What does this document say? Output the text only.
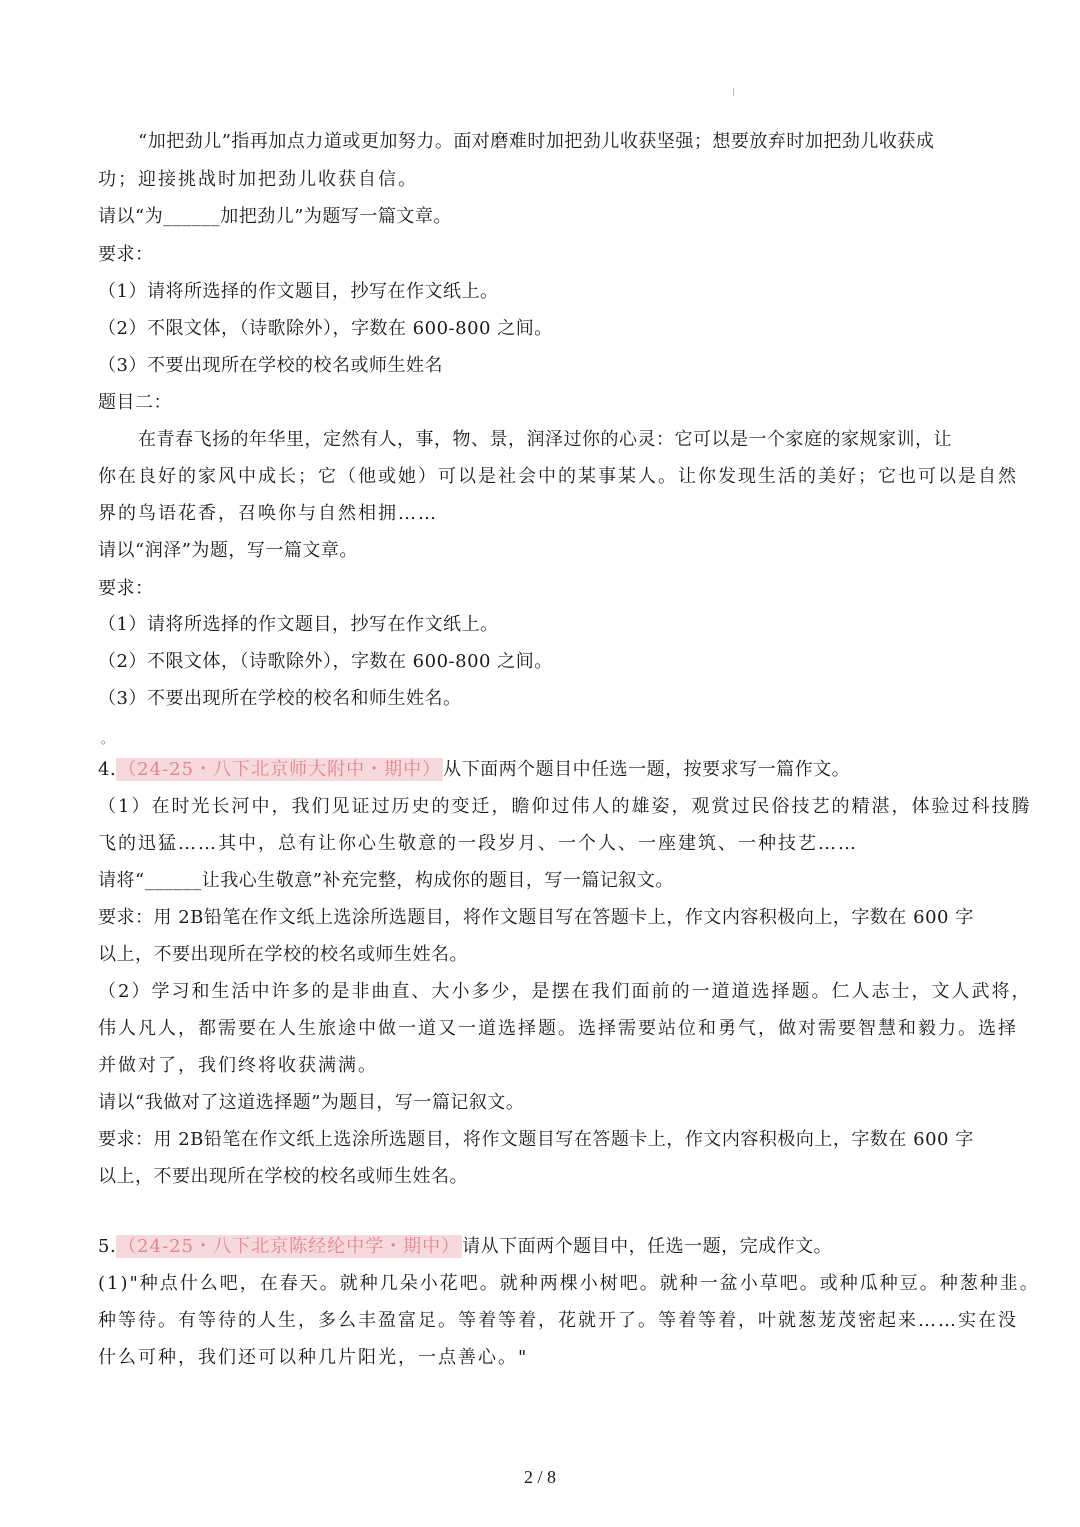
“加把劲儿”指再加点力道或更加努力。面对磨难时加把劲儿收获坚强；想要放弃时加把劲儿收获成
功；迎接挑战时加把劲儿收获自信。
请以“为______加把劲儿”为题写一篇文章。
要求：
（1）请将所选择的作文题目，抄写在作文纸上。
（2）不限文体，（诗歌除外），字数在 600-800 之间。
（3）不要出现所在学校的校名或师生姓名
题目二：
在青春飞扬的年华里，定然有人，事，物、景，润泽过你的心灵：它可以是一个家庭的家规家训，让
你在良好的家风中成长；它（他或她）可以是社会中的某事某人。让你发现生活的美好；它也可以是自然
界的鸟语花香，召唤你与自然相拥……
请以“润泽”为题，写一篇文章。
要求：
（1）请将所选择的作文题目，抄写在作文纸上。
（2）不限文体，（诗歌除外），字数在 600-800 之间。
（3）不要出现所在学校的校名和师生姓名。
。
4. （24-25・八下北京师大附中・期中） 从下面两个题目中任选一题，按要求写一篇作文。
（1）在时光长河中，我们见证过历史的变迁，瞻仰过伟人的雄姿，观赏过民俗技艺的精湛，体验过科技腾
飞的迅猛……其中，总有让你心生敬意的一段岁月、一个人、一座建筑、一种技艺……
请将“______让我心生敬意”补充完整，构成你的题目，写一篇记叙文。
要求：用 2B铅笔在作文纸上选涂所选题目，将作文题目写在答题卡上，作文内容积极向上，字数在 600 字
以上，不要出现所在学校的校名或师生姓名。
（2）学习和生活中许多的是非曲直、大小多少，是摆在我们面前的一道道选择题。仁人志士，文人武将，
伟人凡人，都需要在人生旅途中做一道又一道选择题。选择需要站位和勇气，做对需要智慧和毅力。选择
并做对了，我们终将收获满满。
请以“我做对了这道选择题”为题目，写一篇记叙文。
要求：用 2B铅笔在作文纸上选涂所选题目，将作文题目写在答题卡上，作文内容积极向上，字数在 600 字
以上，不要出现所在学校的校名或师生姓名。
5. （24-25・八下北京陈经纶中学・期中） 请从下面两个题目中，任选一题，完成作文。
(1)"种点什么吧，在春天。就种几朵小花吧。就种两棵小树吧。就种一盆小草吧。或种瓜种豆。种葱种韭。
种等待。有等待的人生，多么丰盈富足。等着等着，花就开了。等着等着，叶就葱茏茂密起来……实在没
什么可种，我们还可以种几片阳光，一点善心。"
2 / 8
